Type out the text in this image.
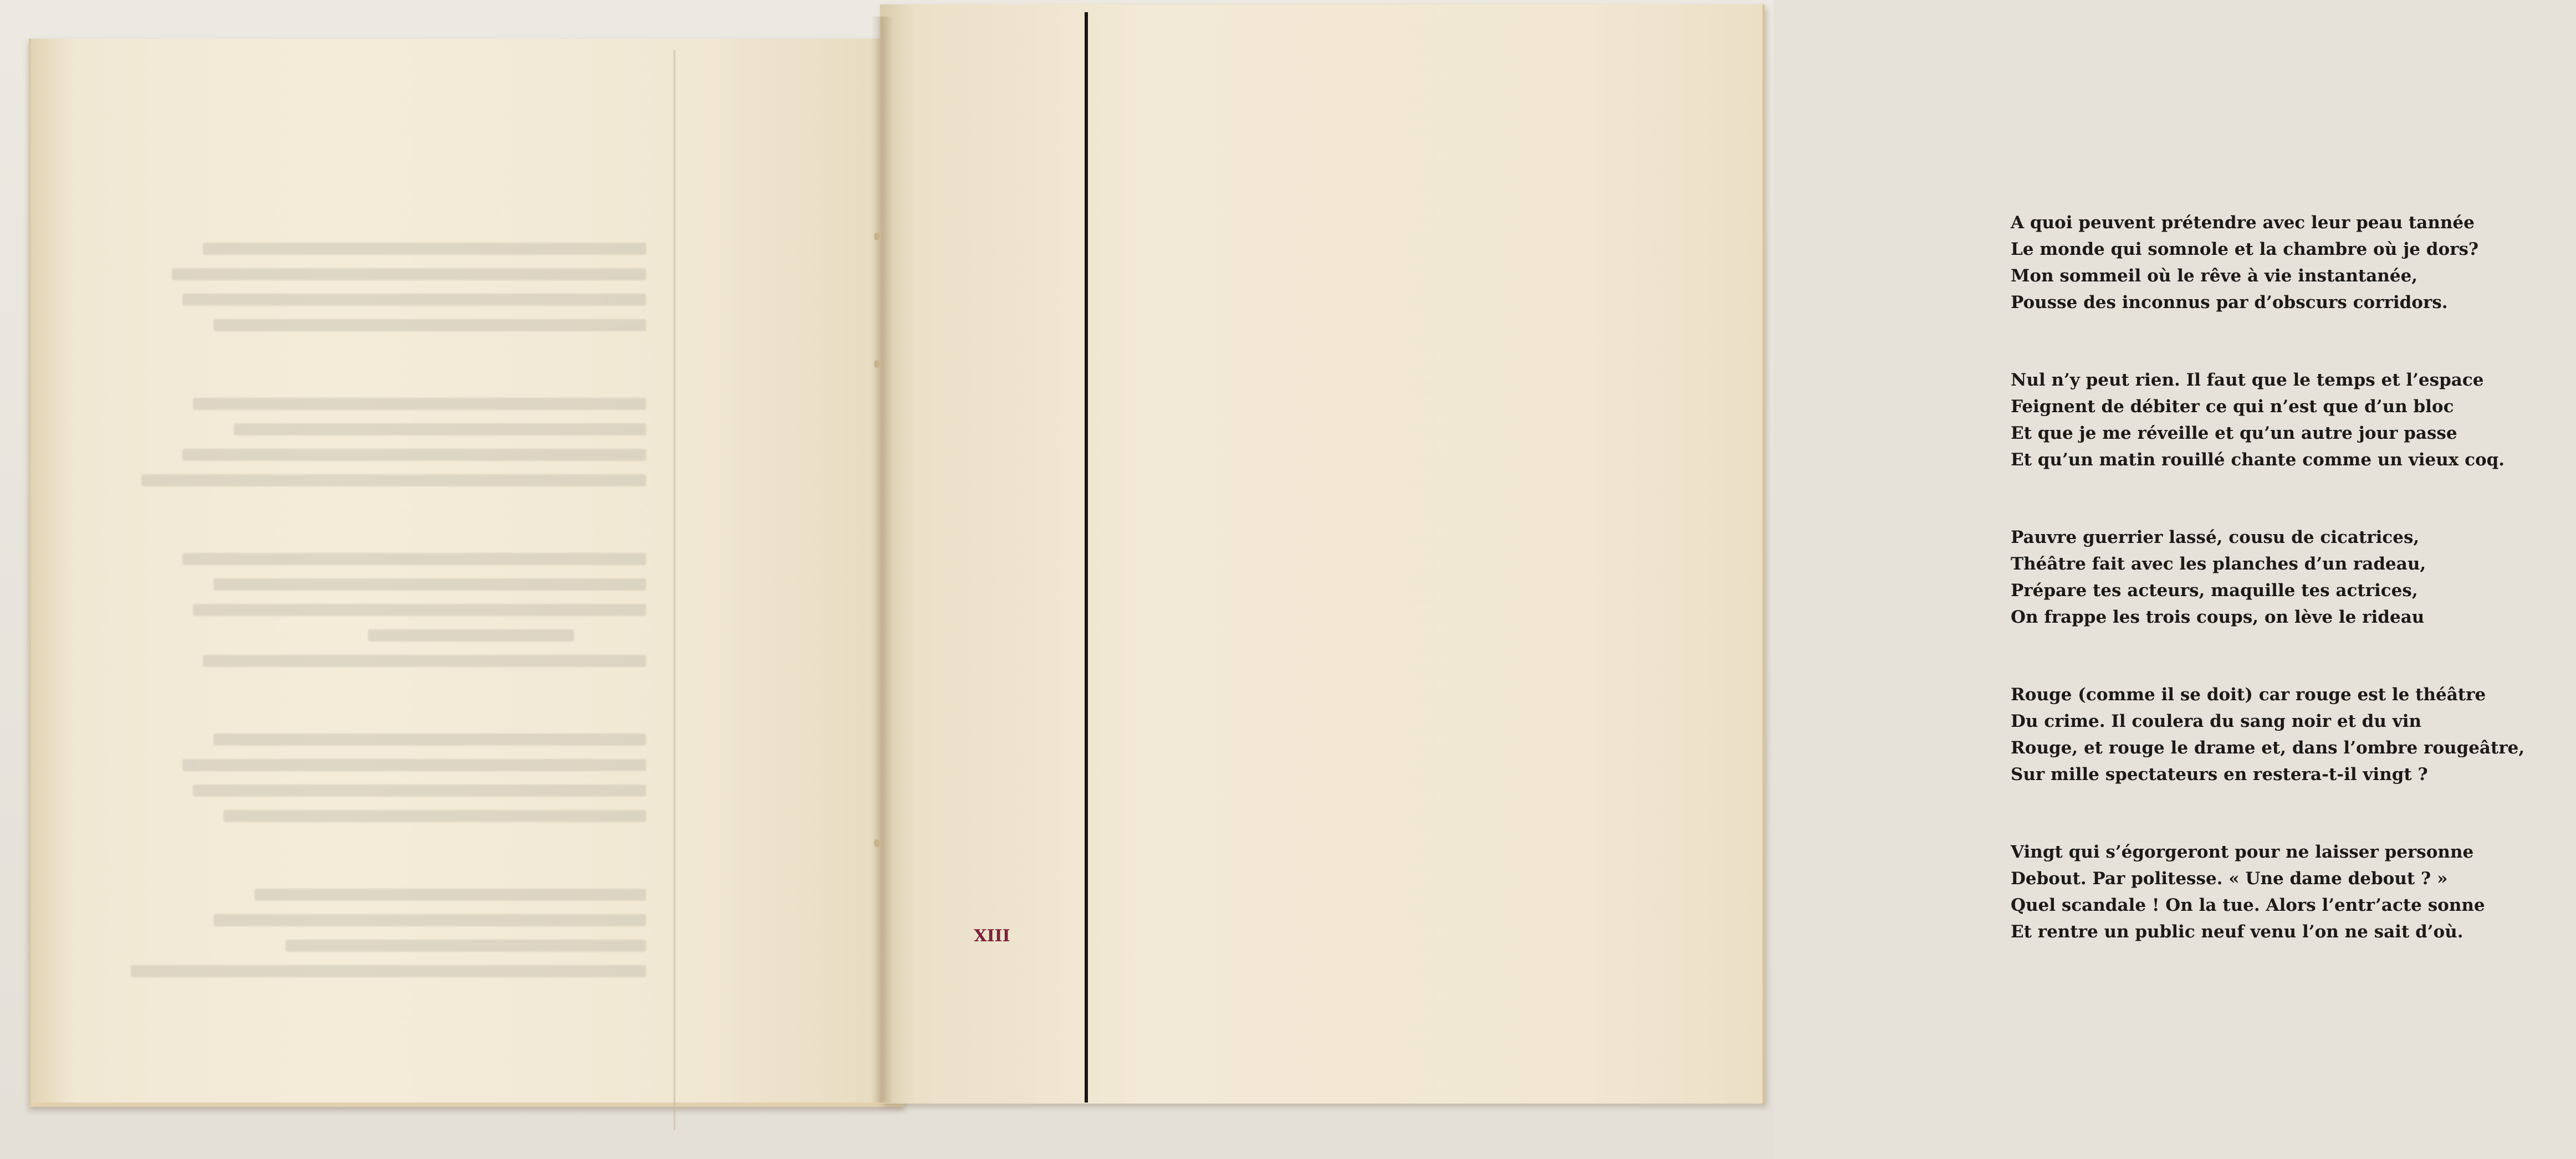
A quoi peuvent prétendre avec leur peau tannée
Le monde qui somnole et la chambre où je dors?
Mon sommeil où le rêve à vie instantanée,
Pousse des inconnus par d’obscurs corridors.
Nul n’y peut rien. Il faut que le temps et l’espace
Feignent de débiter ce qui n’est que d’un bloc
Et que je me réveille et qu’un autre jour passe
Et qu’un matin rouillé chante comme un vieux coq.
Pauvre guerrier lassé, cousu de cicatrices,
Théâtre fait avec les planches d’un radeau,
Prépare tes acteurs, maquille tes actrices,
On frappe les trois coups, on lève le rideau
Rouge (comme il se doit) car rouge est le théâtre
Du crime. Il coulera du sang noir et du vin
Rouge, et rouge le drame et, dans l’ombre rougeâtre,
Sur mille spectateurs en restera-t-il vingt ?
Vingt qui s’égorgeront pour ne laisser personne
Debout. Par politesse. « Une dame debout ? »
Quel scandale ! On la tue. Alors l’entr’acte sonne
Et rentre un public neuf venu l’on ne sait d’où.
XIII
